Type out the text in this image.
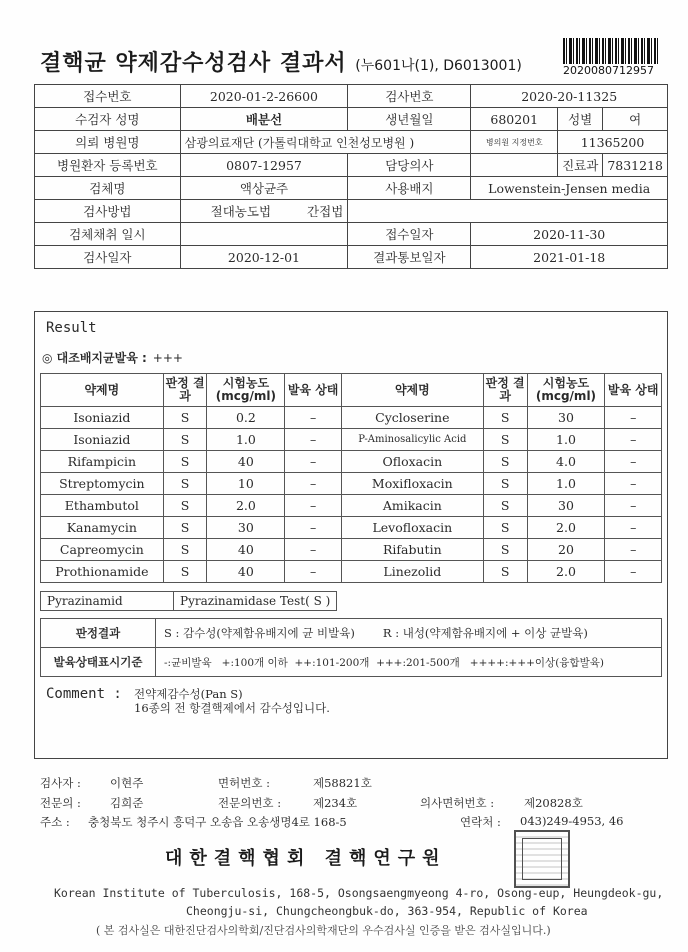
결핵균 약제감수성검사 결과서 (누601나(1), D6013001)	2020080712957
접수번호	2020-01-2-26600	검사번호	2020-20-11325		
수검자 성명	배분선	생년월일	680201	성별	여
의뢰 병원명	삼광의료재단 (가톨릭대학교 인천성모병원 )		병의원 지정번호	11365200	
병원환자 등록번호	0807-12957	담당의사		진료과	7831218
검체명	액상균주	사용배지	Lowenstein-Jensen media		
검사방법	절대농도법 간접법				
검체채취 일시		접수일자	2020-11-30		
검사일자	2020-12-01	결과통보일자	2021-01-18		
Result
◎ 대조배지균발육 : +++
약제명	판정 결과	시험농도 (mcg/ml)	발육 상태	약제명	판정 결과	시험농도 (mcg/ml)	발육 상태
Isoniazid	S	0.2	–	Cycloserine	S	30	–
Isoniazid	S	1.0	–	P-Aminosalicylic Acid	S	1.0	–
Rifampicin	S	40	–	Ofloxacin	S	4.0	–
Streptomycin	S	10	–	Moxifloxacin	S	1.0	–
Ethambutol	S	2.0	–	Amikacin	S	30	–
Kanamycin	S	30	–	Levofloxacin	S	2.0	–
Capreomycin	S	40	–	Rifabutin	S	20	–
Prothionamide	S	40	–	Linezolid	S	2.0	–
Pyrazinamid	Pyrazinamidase Test( S )
판정결과	S : 감수성(약제함유배지에 균 비발육) R : 내성(약제함유배지에 + 이상 균발육)
발육상태표시기준	-:균비발육   +:100개 이하  ++:101-200개  +++:201-500개   ++++:+++이상(융합발육)
Comment : 전약제감수성(Pan S)
16종의 전 항결핵제에서 감수성입니다.
검사자 :	이현주	면허번호 :	제58821호
전문의 :	김희준	전문의번호 :	제234호	의사면허번호 :	제20828호
주소 : 충청북도 청주시 흥덕구 오송읍 오송생명4로 168-5	연락처 : 043)249-4953, 46
대한결핵협회 결핵연구원
Korean Institute of Tuberculosis, 168-5, Osongsaengmyeong 4-ro, Osong-eup, Heungdeok-gu,
Cheongju-si, Chungcheongbuk-do, 363-954, Republic of Korea
( 본 검사실은 대한진단검사의학회/진단검사의학재단의 우수검사실 인증을 받은 검사실입니다.)
